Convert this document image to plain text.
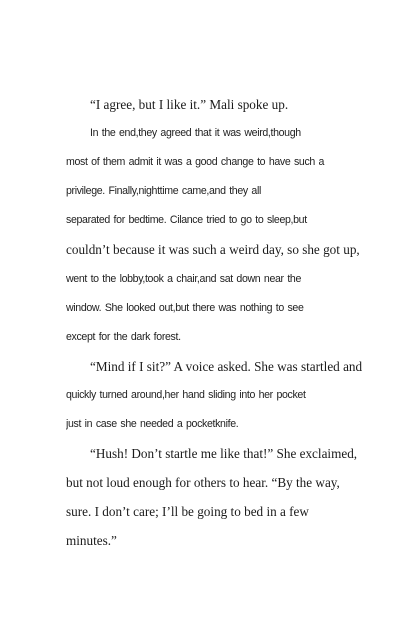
“I agree, but I like it.” Mali spoke up.
In the end,they agreed that it was weird,though
most of them admit it was a good change to have such a
privilege. Finally,nighttime came,and they all
separated for bedtime. Cilance tried to go to sleep,but
couldn’t because it was such a weird day, so she got up,
went to the lobby,took a chair,and sat down near the
window. She looked out,but there was nothing to see
except for the dark forest.
“Mind if I sit?” A voice asked. She was startled and
quickly turned around,her hand sliding into her pocket
just in case she needed a pocketknife.
“Hush! Don’t startle me like that!” She exclaimed,
but not loud enough for others to hear. “By the way,
sure. I don’t care; I’ll be going to bed in a few
minutes.”
